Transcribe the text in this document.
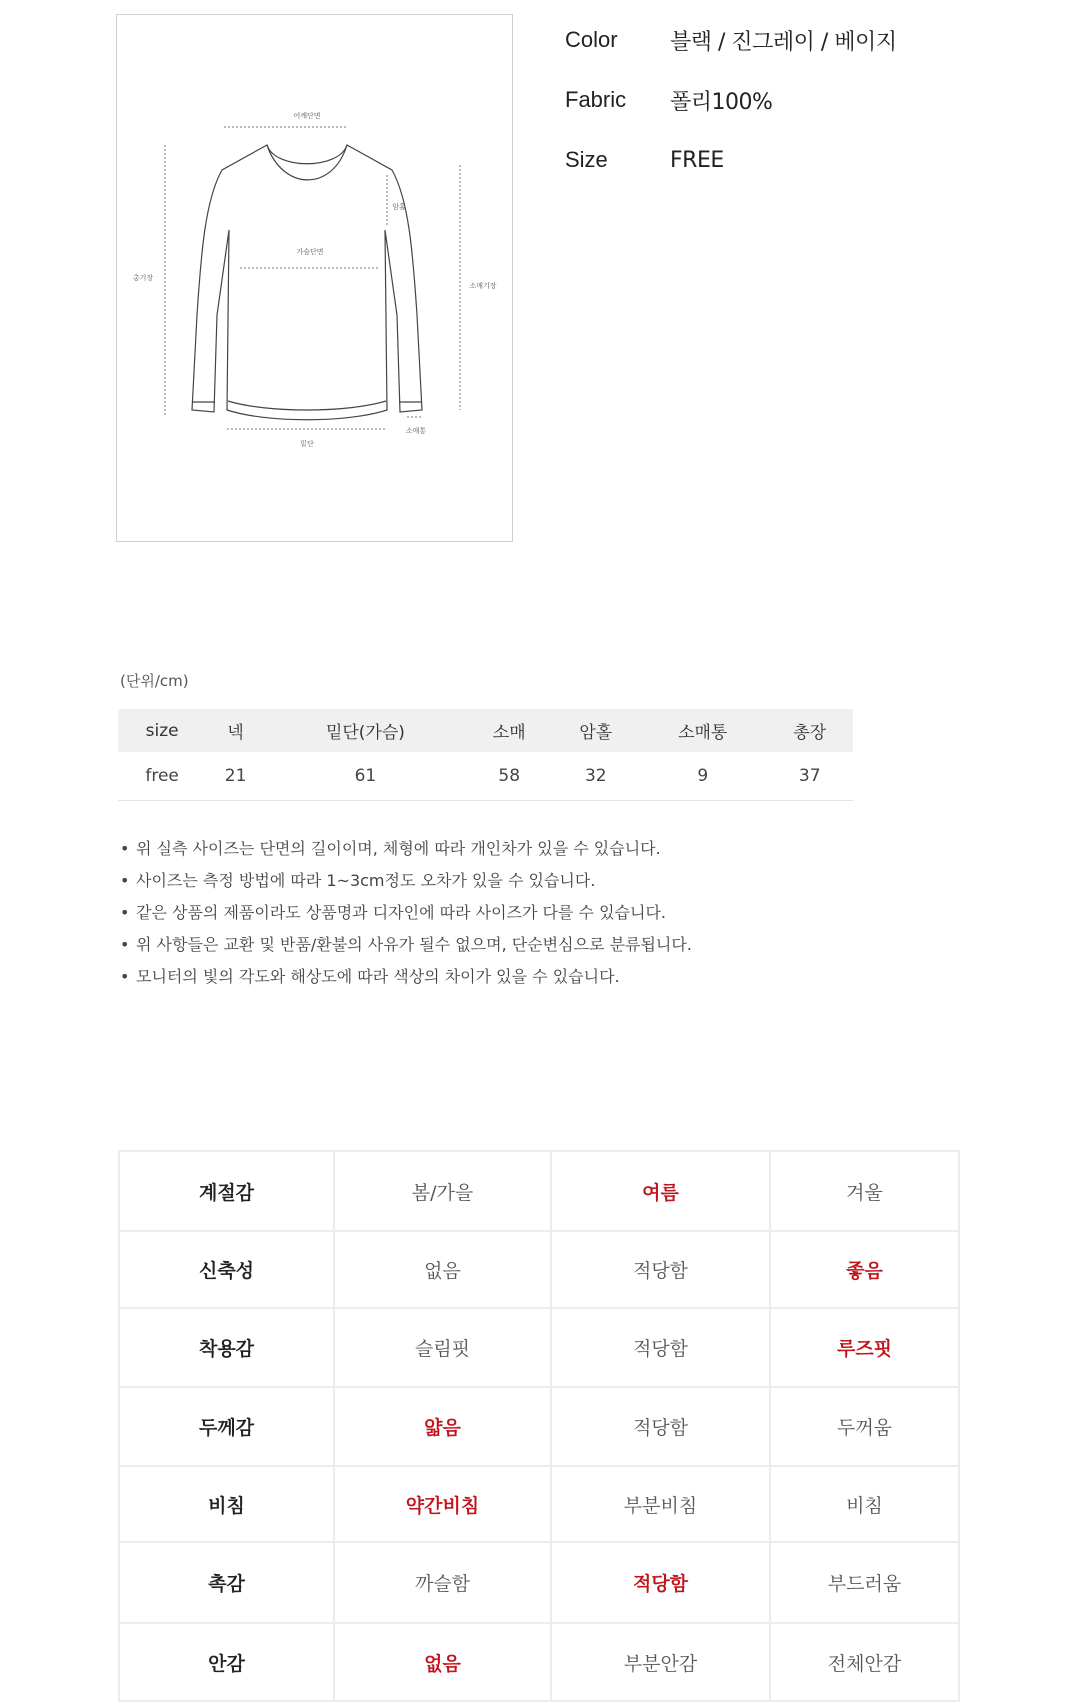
어깨단면
총기장
가슴단면
암홀
소매기장
밑단
소매통
Color	블랙 / 진그레이 / 베이지
Fabric	폴리100%
Size	FREE
(단위/cm)
size	넥	밑단(가슴)	소매	암홀	소매통	총장
free	21	61	58	32	9	37
• 위 실측 사이즈는 단면의 길이이며, 체형에 따라 개인차가 있을 수 있습니다.
• 사이즈는 측정 방법에 따라 1~3cm정도 오차가 있을 수 있습니다.
• 같은 상품의 제품이라도 상품명과 디자인에 따라 사이즈가 다를 수 있습니다.
• 위 사항들은 교환 및 반품/환불의 사유가 될수 없으며, 단순변심으로 분류됩니다.
• 모니터의 빛의 각도와 해상도에 따라 색상의 차이가 있을 수 있습니다.
계절감	봄/가을	여름	겨울
신축성	없음	적당함	좋음
착용감	슬림핏	적당함	루즈핏
두께감	얇음	적당함	두꺼움
비침	약간비침	부분비침	비침
촉감	까슬함	적당함	부드러움
안감	없음	부분안감	전체안감
